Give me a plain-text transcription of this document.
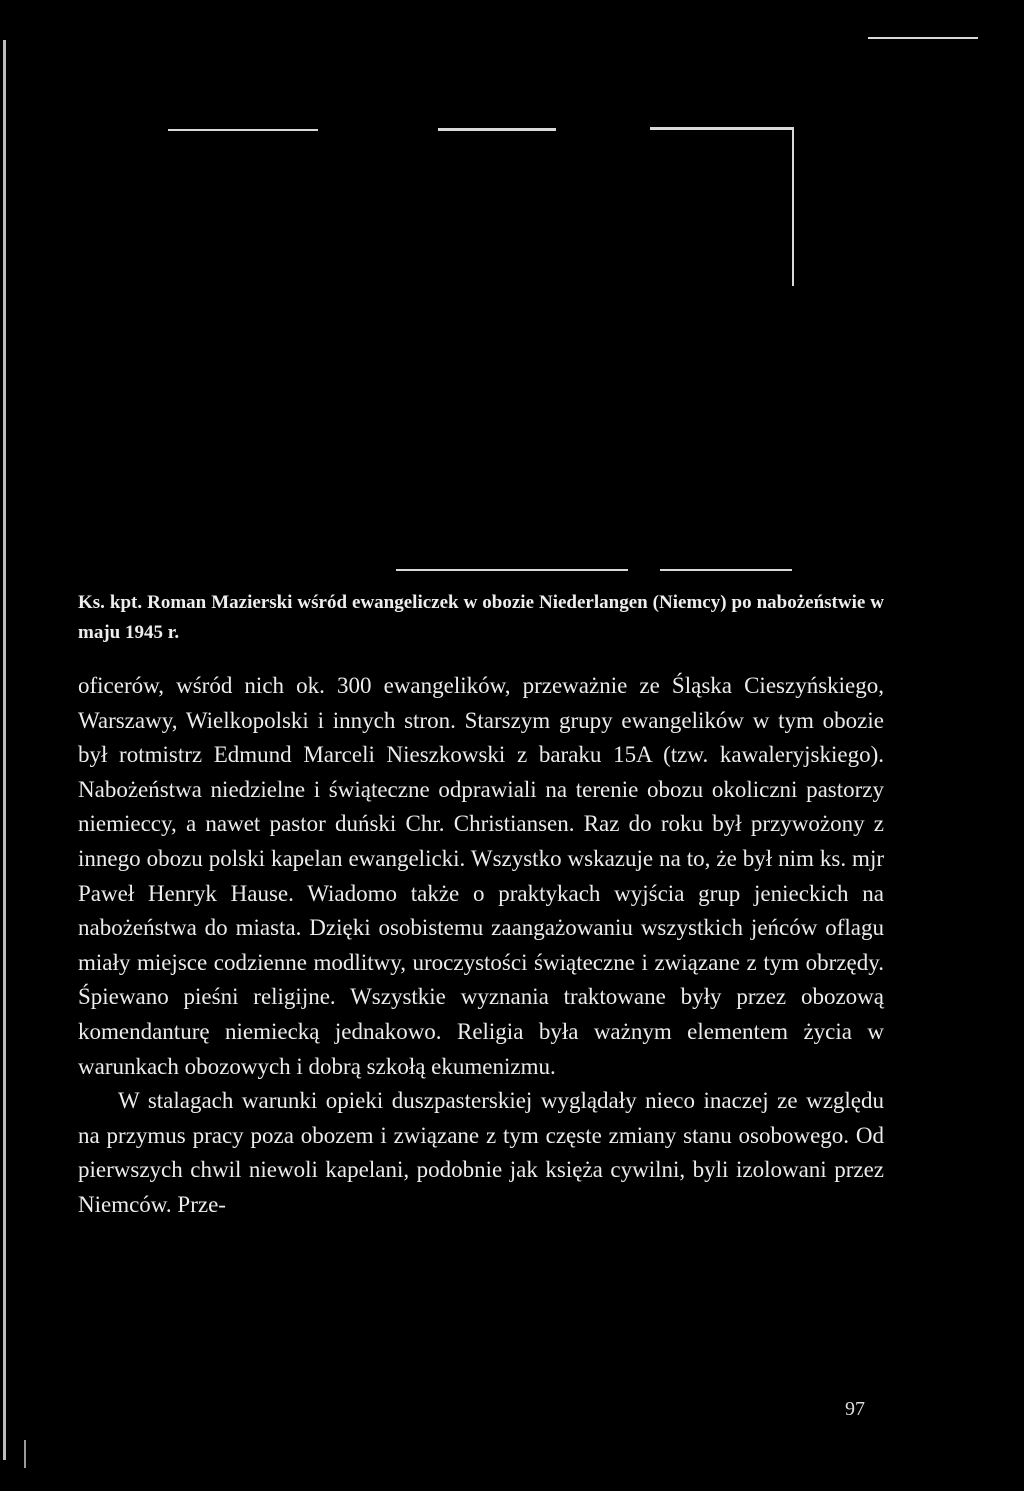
Ks. kpt. Roman Mazierski wśród ewangeliczek w obozie Niederlangen (Niemcy) po nabożeństwie w maju 1945 r.

oficerów, wśród nich ok. 300 ewangelików, przeważnie ze Śląska Cieszyńskiego, Warszawy, Wielkopolski i innych stron. Starszym grupy ewangelików w tym obozie był rotmistrz Edmund Marceli Nieszkowski z baraku 15A (tzw. kawaleryjskiego). Nabożeństwa niedzielne i świąteczne odprawiali na terenie obozu okoliczni pastorzy niemieccy, a nawet pastor duński Chr. Christiansen. Raz do roku był przywożony z innego obozu polski kapelan ewangelicki. Wszystko wskazuje na to, że był nim ks. mjr Paweł Henryk Hause. Wiadomo także o praktykach wyjścia grup jenieckich na nabożeństwa do miasta. Dzięki osobistemu zaangażowaniu wszystkich jeńców oflagu miały miejsce codzienne modlitwy, uroczystości świąteczne i związane z tym obrzędy. Śpiewano pieśni religijne. Wszystkie wyznania traktowane były przez obozową komendanturę niemiecką jednakowo. Religia była ważnym elementem życia w warunkach obozowych i dobrą szkołą ekumenizmu.

W stalagach warunki opieki duszpasterskiej wyglądały nieco inaczej ze względu na przymus pracy poza obozem i związane z tym częste zmiany stanu osobowego. Od pierwszych chwil niewoli kapelani, podobnie jak księża cywilni, byli izolowani przez Niemców. Prze-

97
